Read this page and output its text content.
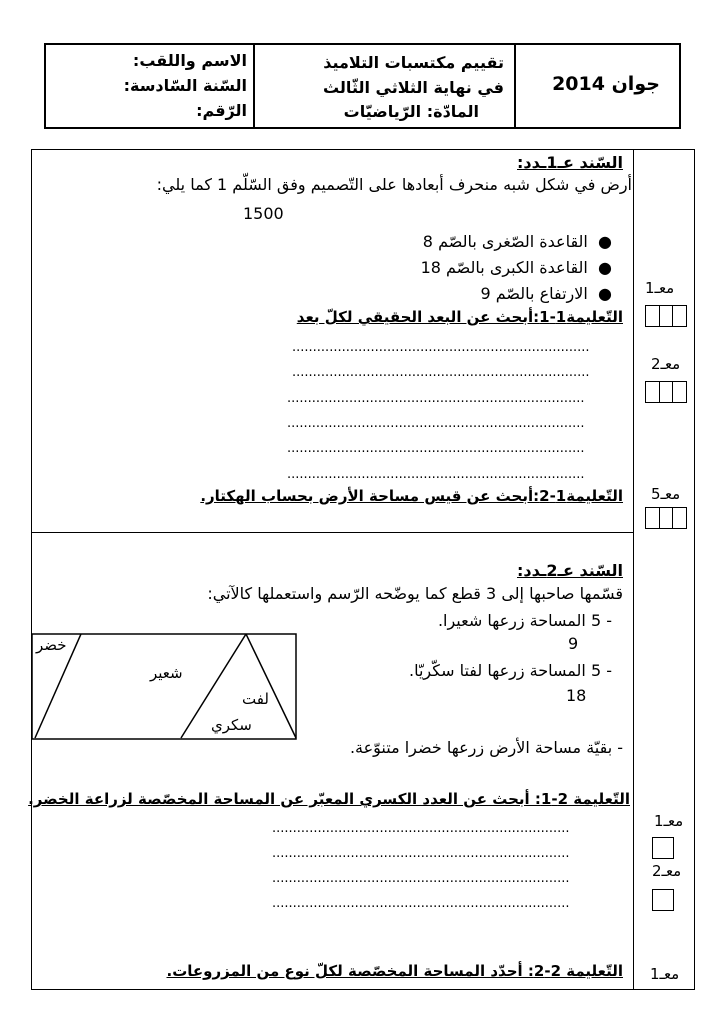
جوان 2014
تقييم مكتسبات التلاميذ
في نهاية الثلاثي الثّالث
المادّة: الرّياضيّات
الاسم واللقب:
السّنة السّادسة:
الرّقم:
السّند عـ1ـدد:
أرض في شكل شبه منحرف أبعادها على التّصميم وفق السّلّم 1 كما يلي:
1500
●  القاعدة الصّغرى بالصّم 8
●  القاعدة الكبرى بالصّم 18
●  الارتفاع بالصّم 9
التّعليمة1-1:أبحث عن البعد الحقيقي لكلّ بعد
........................................................................
........................................................................
........................................................................
........................................................................
........................................................................
........................................................................
التّعليمة1-2:أبحث عن قيس مساحة الأرض بحساب الهكتار.
السّند عـ2ـدد:
قسّمها صاحبها إلى 3 قطع كما يوضّحه الرّسم واستعملها كالآتي:
- 5 المساحة زرعها شعيرا.
9
- 5 المساحة زرعها لفتا سكّريّا.
18
- بقيّة مساحة الأرض زرعها خضرا متنوّعة.
خضر
شعير
لفت
سكري
التّعليمة 2-1: أبحث عن العدد الكسري المعبّر عن المساحة المخصّصة لزراعة الخضر.
........................................................................
........................................................................
........................................................................
........................................................................
التّعليمة 2-2: أحدّد المساحة المخصّصة لكلّ نوع من المزروعات.
معـ1
معـ2
معـ5
معـ1
معـ2
معـ1
